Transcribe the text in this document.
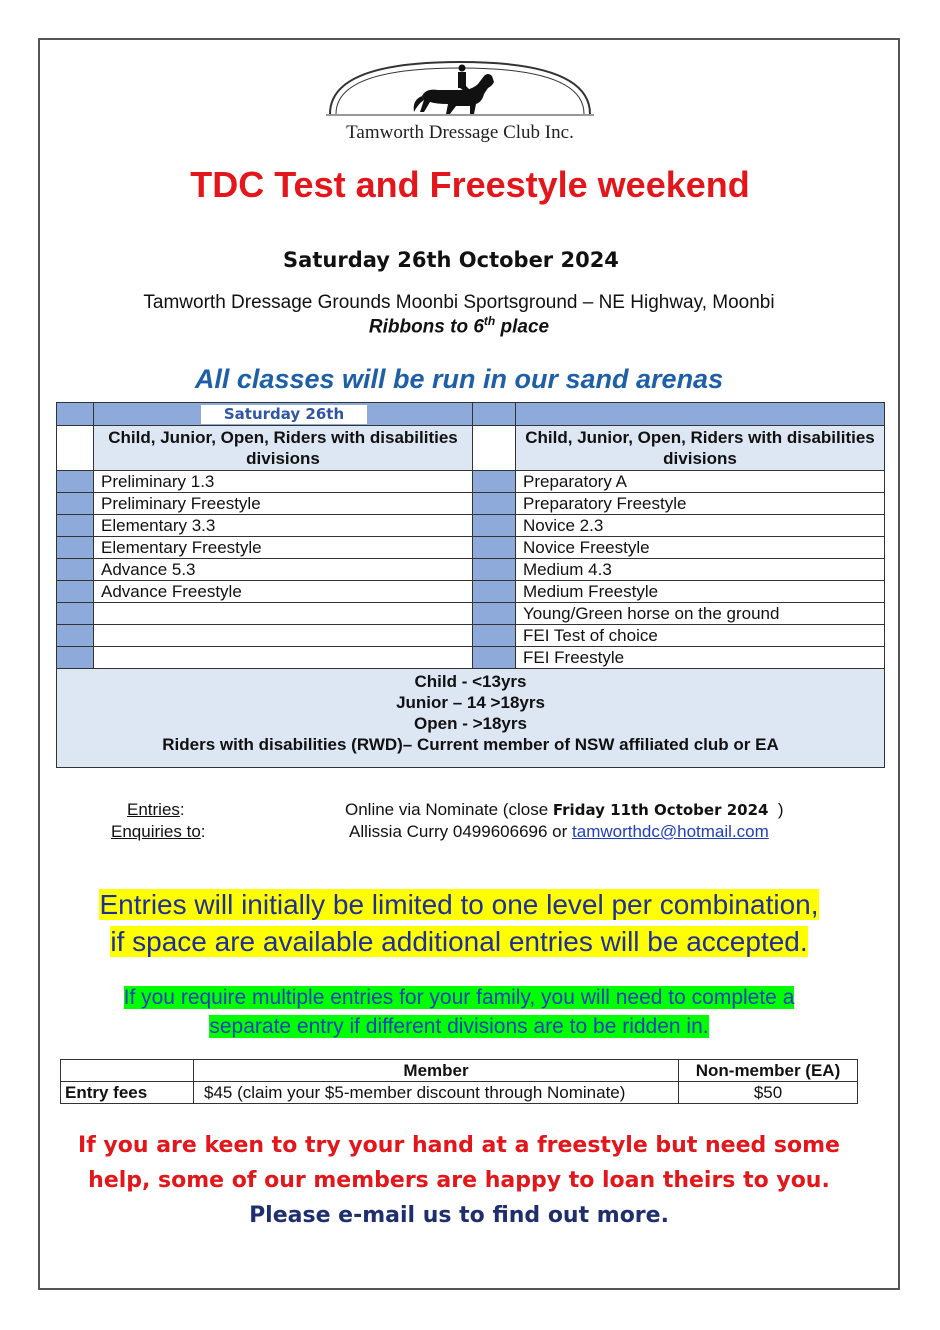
Tamworth Dressage Club Inc.
TDC Test and Freestyle weekend
Saturday 26th October 2024
Tamworth Dressage Grounds Moonbi Sportsground – NE Highway, Moonbi
Ribbons to 6th place
All classes will be run in our sand arenas
	Saturday 26th		
	Child, Junior, Open, Riders with disabilities divisions		Child, Junior, Open, Riders with disabilities divisions
	Preliminary 1.3		Preparatory A
	Preliminary Freestyle		Preparatory Freestyle
	Elementary 3.3		Novice 2.3
	Elementary Freestyle		Novice Freestyle
	Advance 5.3		Medium 4.3
	Advance Freestyle		Medium Freestyle
			Young/Green horse on the ground
			FEI Test of choice
			FEI Freestyle

Child - <13yrs
Junior – 14 >18yrs
Open - >18yrs
Riders with disabilities (RWD)– Current member of NSW affiliated club or EA			
Entries:	Online via Nominate (close Friday 11th October 2024 )
Enquiries to:	Allissia Curry 0499606696 or tamworthdc@hotmail.com
Entries will initially be limited to one level per combination,
if space are available additional entries will be accepted.
If you require multiple entries for your family, you will need to complete a
separate entry if different divisions are to be ridden in.
	Member	Non-member (EA)
Entry fees	$45 (claim your $5-member discount through Nominate)	$50
If you are keen to try your hand at a freestyle but need some
help, some of our members are happy to loan theirs to you.
Please e-mail us to find out more.
